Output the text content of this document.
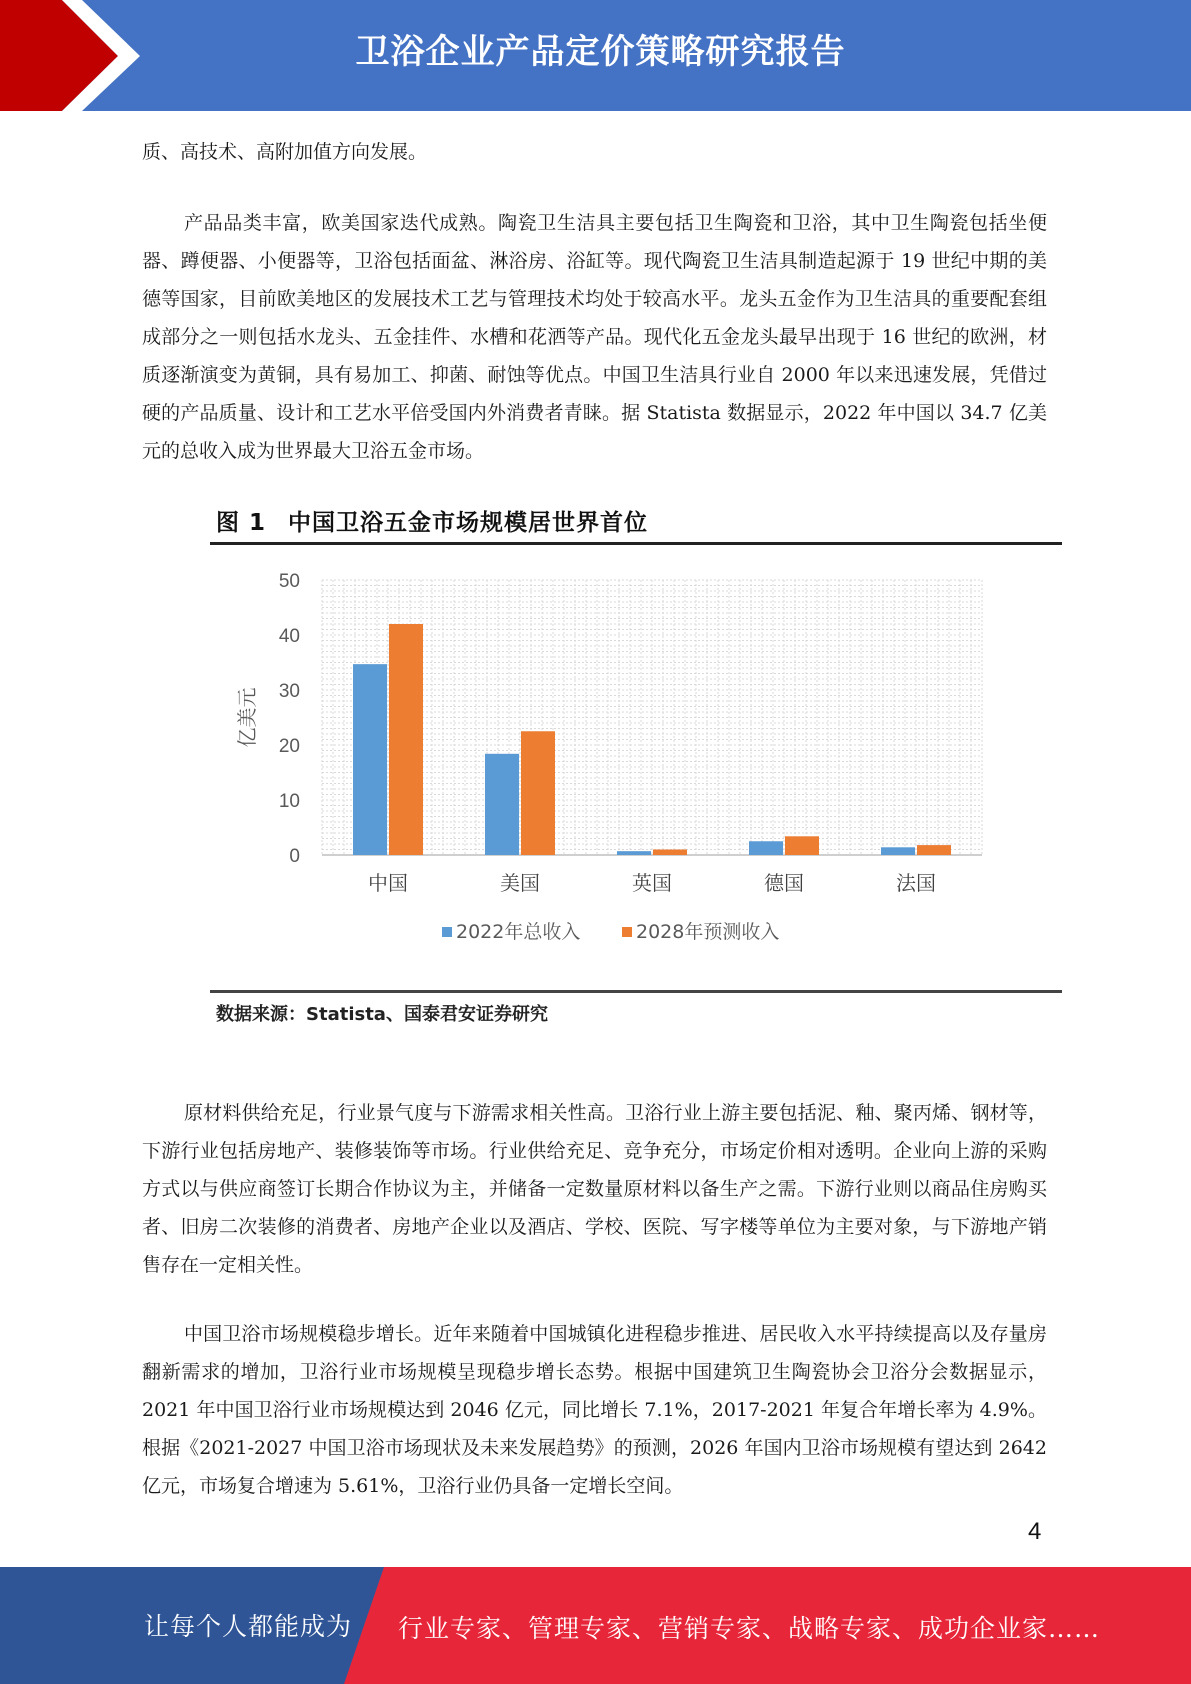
卫浴企业产品定价策略研究报告

质、高技术、高附加值方向发展。

产品品类丰富，欧美国家迭代成熟。陶瓷卫生洁具主要包括卫生陶瓷和卫浴，其中卫生陶瓷包括坐便器、蹲便器、小便器等，卫浴包括面盆、淋浴房、浴缸等。现代陶瓷卫生洁具制造起源于 19 世纪中期的美德等国家，目前欧美地区的发展技术工艺与管理技术均处于较高水平。龙头五金作为卫生洁具的重要配套组成部分之一则包括水龙头、五金挂件、水槽和花洒等产品。现代化五金龙头最早出现于 16 世纪的欧洲，材质逐渐演变为黄铜，具有易加工、抑菌、耐蚀等优点。中国卫生洁具行业自 2000 年以来迅速发展，凭借过硬的产品质量、设计和工艺水平倍受国内外消费者青睐。据 Statista 数据显示，2022 年中国以 34.7 亿美元的总收入成为世界最大卫浴五金市场。

图 1 中国卫浴五金市场规模居世界首位
0
10
20
30
40
50
亿美元
中国	美国	英国	德国	法国
2022年总收入	2028年预测收入
数据来源：Statista、国泰君安证券研究

原材料供给充足，行业景气度与下游需求相关性高。卫浴行业上游主要包括泥、釉、聚丙烯、钢材等，下游行业包括房地产、装修装饰等市场。行业供给充足、竞争充分，市场定价相对透明。企业向上游的采购方式以与供应商签订长期合作协议为主，并储备一定数量原材料以备生产之需。下游行业则以商品住房购买者、旧房二次装修的消费者、房地产企业以及酒店、学校、医院、写字楼等单位为主要对象，与下游地产销售存在一定相关性。

中国卫浴市场规模稳步增长。近年来随着中国城镇化进程稳步推进、居民收入水平持续提高以及存量房翻新需求的增加，卫浴行业市场规模呈现稳步增长态势。根据中国建筑卫生陶瓷协会卫浴分会数据显示，2021 年中国卫浴行业市场规模达到 2046 亿元，同比增长 7.1%，2017-2021 年复合年增长率为 4.9%。根据《2021-2027 中国卫浴市场现状及未来发展趋势》的预测，2026 年国内卫浴市场规模有望达到 2642 亿元，市场复合增速为 5.61%，卫浴行业仍具备一定增长空间。

4
让每个人都能成为 行业专家、管理专家、营销专家、战略专家、成功企业家……
